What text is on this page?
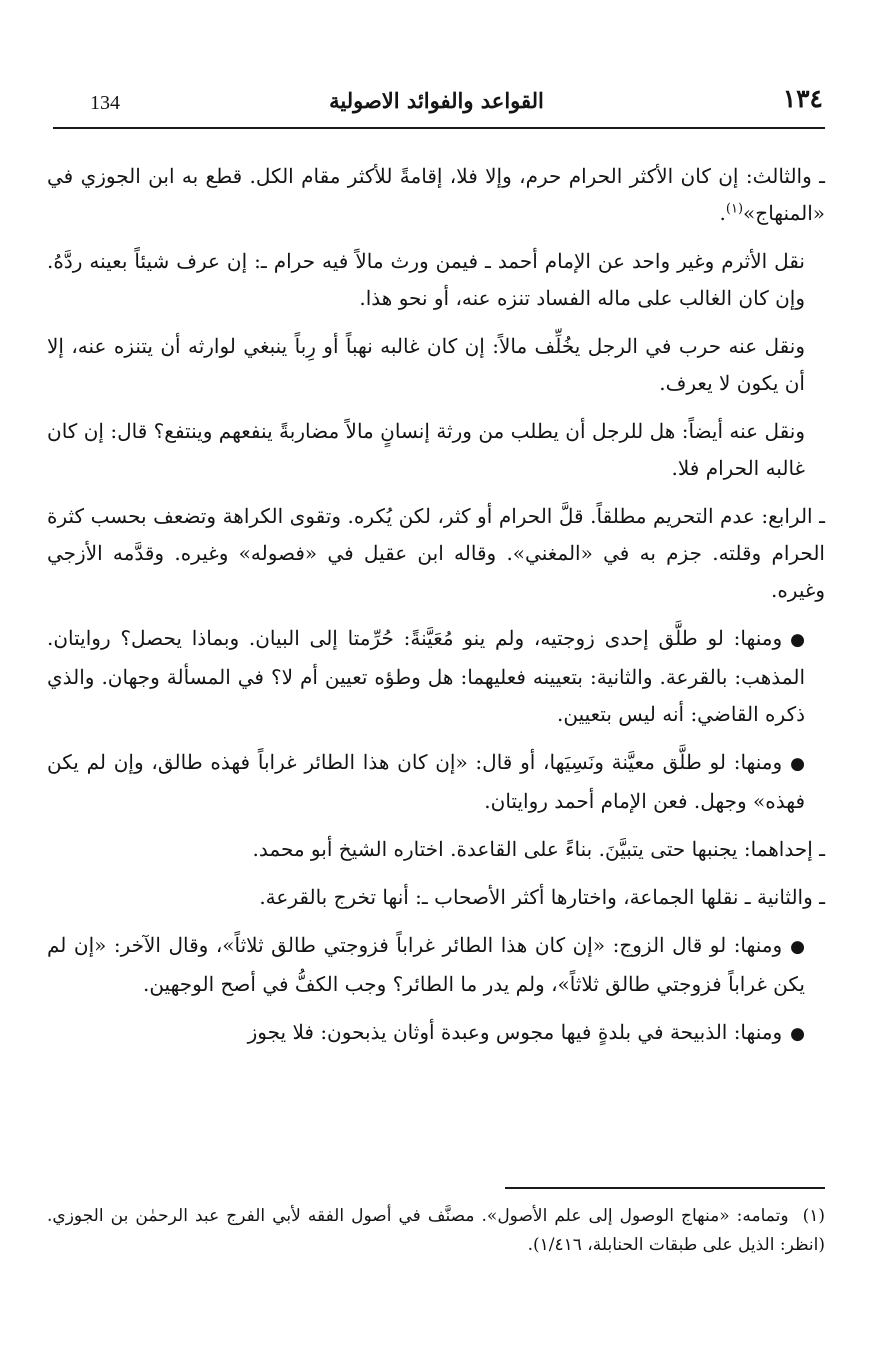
١٣٤
القواعد والفوائد الاصولية
134

ـ والثالث: إن كان الأكثر الحرام حرم، وإلا فلا، إقامةً للأكثر مقام الكل. قطع به ابن الجوزي في «المنهاج»$^{(١)}$.

نقل الأثرم وغير واحد عن الإمام أحمد ـ فيمن ورث مالاً فيه حرام ـ: إن عرف شيئاً بعينه ردَّهُ. وإن كان الغالب على ماله الفساد تنزه عنه، أو نحو هذا.

ونقل عنه حرب في الرجل يخُلِّف مالاً: إن كان غالبه نهباً أو رِباً ينبغي لوارثه أن يتنزه عنه، إلا أن يكون لا يعرف.

ونقل عنه أيضاً: هل للرجل أن يطلب من ورثة إنسانٍ مالاً مضاربةً ينفعهم وينتفع؟ قال: إن كان غالبه الحرام فلا.

ـ الرابع: عدم التحريم مطلقاً. قلَّ الحرام أو كثر، لكن يُكره. وتقوى الكراهة وتضعف بحسب كثرة الحرام وقلته. جزم به في «المغني». وقاله ابن عقيل في «فصوله» وغيره. وقدَّمه الأزجي وغيره.

●ومنها: لو طلَّق إحدى زوجتيه، ولم ينو مُعَيَّنةً: حُرِّمتا إلى البيان. وبماذا يحصل؟ روايتان. المذهب: بالقرعة. والثانية: بتعيينه فعليهما: هل وطؤه تعيين أم لا؟ في المسألة وجهان. والذي ذكره القاضي: أنه ليس بتعيين.

●ومنها: لو طلَّق معيَّنة ونَسِيَها، أو قال: «إن كان هذا الطائر غراباً فهذه طالق، وإن لم يكن فهذه» وجهل. فعن الإمام أحمد روايتان.

ـ إحداهما: يجنبها حتى يتبيَّنَ. بناءً على القاعدة. اختاره الشيخ أبو محمد.

ـ والثانية ـ نقلها الجماعة، واختارها أكثر الأصحاب ـ: أنها تخرج بالقرعة.

●ومنها: لو قال الزوج: «إن كان هذا الطائر غراباً فزوجتي طالق ثلاثاً»، وقال الآخر: «إن لم يكن غراباً فزوجتي طالق ثلاثاً»، ولم يدر ما الطائر؟ وجب الكفُّ في أصح الوجهين.

●ومنها: الذبيحة في بلدةٍ فيها مجوس وعبدة أوثان يذبحون: فلا يجوز

(١)وتمامه: «منهاج الوصول إلى علم الأصول». مصنَّف في أصول الفقه لأبي الفرج عبد الرحمٰن بن الجوزي. (انظر: الذيل على طبقات الحنابلة، ١/٤١٦).
